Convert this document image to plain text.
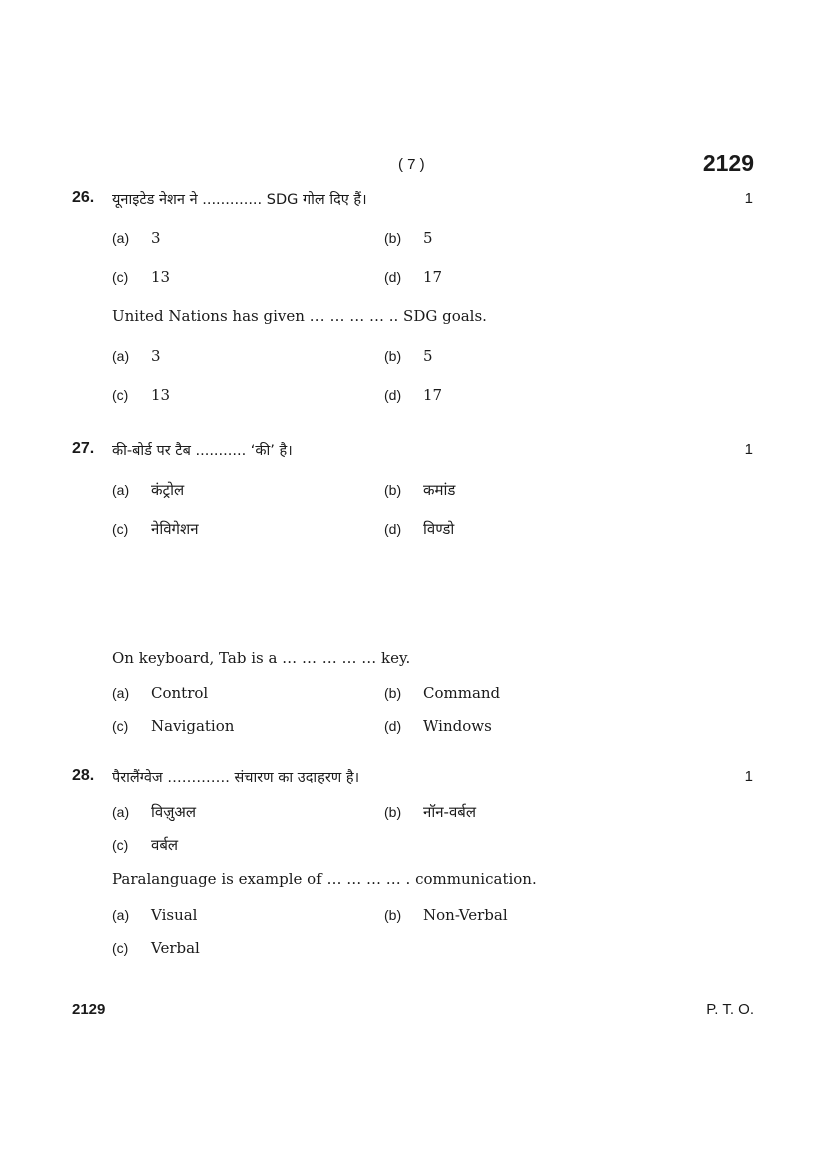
( 7 )	2129
26. यूनाइटेड नेशन ने ............. SDG गोल दिए हैं।	1
(a) 3	(b) 5
(c) 13	(d) 17
United Nations has given … … … … .. SDG goals.
(a) 3	(b) 5
(c) 13	(d) 17
27. की-बोर्ड पर टैब ........... ‘की’ है।	1
(a) कंट्रोल	(b) कमांड
(c) नेविगेशन	(d) विण्डो
On keyboard, Tab is a … … … … … key.
(a) Control	(b) Command
(c) Navigation	(d) Windows
28. पैरालैंग्वेज …………. संचारण का उदाहरण है।	1
(a) विज़ुअल	(b) नॉन-वर्बल
(c) वर्बल
Paralanguage is example of … … … … . communication.
(a) Visual	(b) Non-Verbal
(c) Verbal
2129	P. T. O.
